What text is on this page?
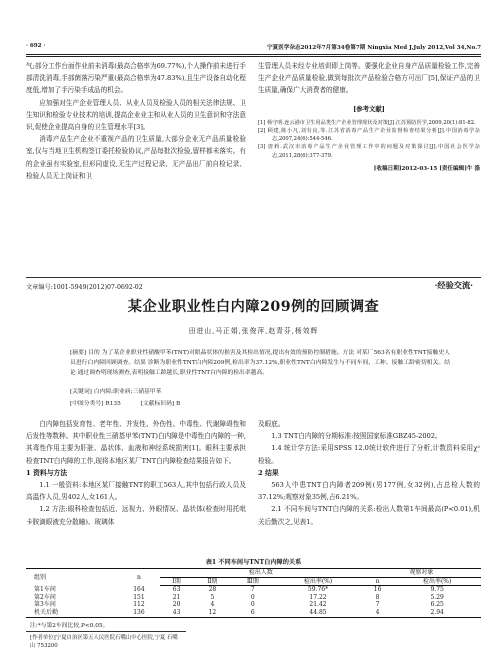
· 692 ·	宁夏医学杂志2012年7月第34卷第7期 Ningxia Med J,July 2012,Vol 34,No.7

气;部分工作台面作业前未消毒(最高合格率为69.77%),个人操作前未进行手部清洗消毒,手部菌落污染严重(最高合格率为47.83%),且生产设备自动化程度低,增加了手污染手成品的机会。

应加强对生产企业管理人员、从业人员及检验人员的相关法律法规、卫生知识和检验专业技术的培训,提高企业业主和从业人员的卫生意识和守法意识,促使企业提高自身的卫生管理水平[3]。

消毒产品生产企业不重视产品的卫生质量,大部分企业无产品质量检验室,仅与当地卫生机构签订委托检验协议,产品每批次检验,留样都未落实。有的企业虽有实验室,但形同虚设,无生产过程记录、无产品出厂前自检记录、检验人员无上岗证和卫

生管理人员未经专业培训即上岗等。要强化企业自身产品质量检验工作,完善生产企业产品质量检验,做到每批次产品检验合格方可出厂[5],保证产品的卫生质量,确保广大消费者的健康。

[参考文献]
[1] 杨守明.连云港市卫生用品类生产企业管理现状及对策[J].江苏预防医学,2009,20(1):81-82.
[2] 顾建,陈小凡,刘有良,等.江苏省消毒产品生产企业监督检查结果分析[J].中国消毒学杂志,2007,24(6):544-546.
[3] 唐莉.武汉市消毒产品生产企业管理工作中的问题及对策探讨[J].中国社会医学杂志,2011,28(6):377-379.
[收稿日期]2012-03-15 [责任编辑]牛 涤
文章编号:1001-5949(2012)07-0692-02	·经验交流·
某企业职业性白内障209例的回顾调查
田进山,马正娟,张俊萍,赵青芬,杨效辉
[摘要] 目的 为了某企业职业性硝酸甲苯(TNT)对眼晶状体的损害及其检出情况,提出有效的预防控制措施。方法 对某厂563名有职业性TNT接触史人员进行白内障回顾调查。结果 诊断为职业性TNT白内障209例,检出率为37.12%,职业性TNT白内障发生与不同车间、工种、接触工龄密切相关。结论 通过调查明现场测查,表明接触工龄越长,职业性TNT白内障的检出率越高。
[关键词] 白内障;职业病;三硝基甲苯
[中图分类号] R135	[文献标识码] B

白内障包括发育性、老年性、并发性、外伤性、中毒性、代谢障碍性和后发性等数种。其中职业性三硝基甲苯(TNT)白内障是中毒性白内障的一种,其毒性作用主要为肝脏、晶状体、血液和神经系统损害[1]。眼科主要承担检查TNT白内障的工作,现将本地区某厂TNT白内障检查结果报告如下。

1 资料与方法

1.1 一般资料:本地区某厂接触TNT的职工563人,其中包括行政人员及高温作人员,男402人,女161人。

1.2 方法:眼科检查包括近、远视力、外眼情况、晶状体(检查时用托吡卡胺滴眼液充分散瞳)、玻璃体

及眼底。

1.3 TNT白内障的分期标准:按照国家标准GBZ45-2002。

1.4 统计学方法:采用SPSS 12.0统计软件进行了分析,计数资料采用χ²检验。

2 结果

563人中患TNT白内障者209例(男177例,女32例),占总检人数的37.12%;观察对象35例,占6.21%。

2.1 不同车间与TNT白内障的关系:检出人数第1车间最高(P<0.01),机关后勤次之,见表1。

表1 不同车间与TNT白内障的关系
组别	n	检出人数				观察对象	
		Ⅰ期	Ⅱ期	Ⅲ期	检出率(%)	n	检出率(%)
第1车间	164	63	28	7	59.76*	16	9.75
第2车间	151	21	5	0	17.22	8	5.29
第3车间	112	20	4	0	21.42	7	6.25
机关后勤	136	43	12	6	44.85	4	2.94
注:*与第2车间比较,P<0.05。
[作者单位]宁夏自治区第五人民医院石嘴山中心医院,宁夏 石嘴
山 753200
